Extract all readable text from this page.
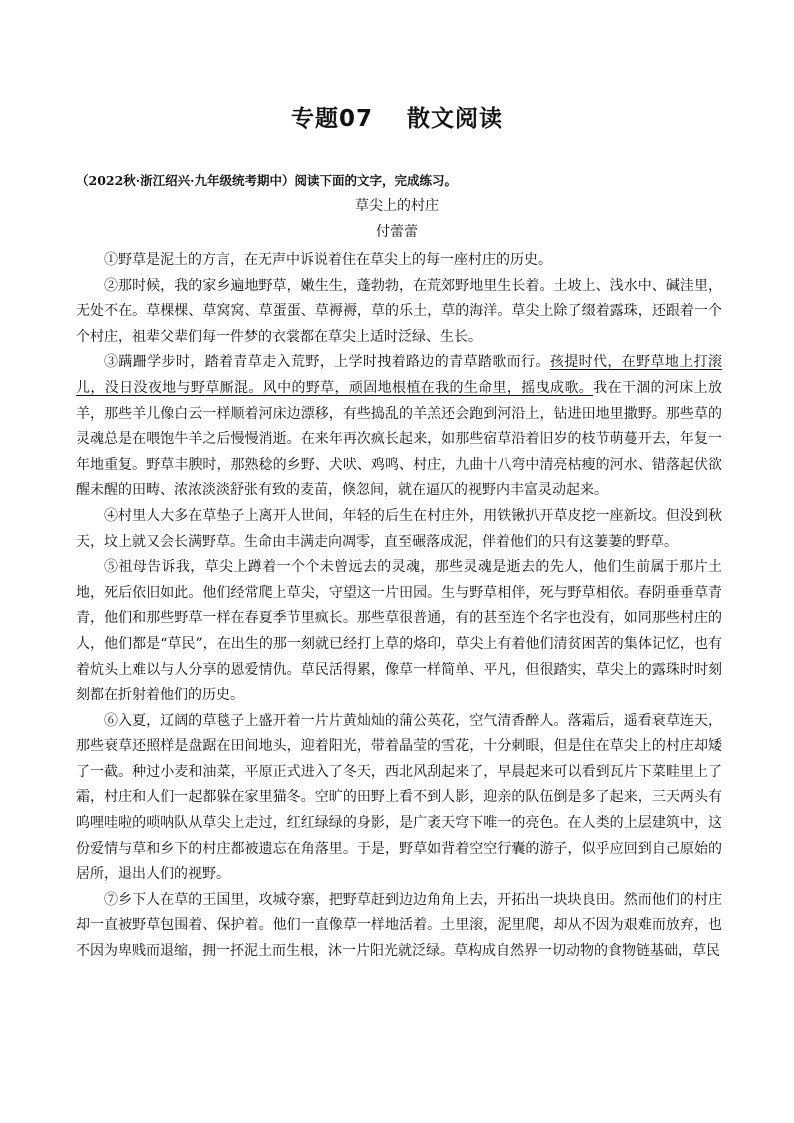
专题07 散文阅读
（2022秋·浙江绍兴·九年级统考期中）阅读下面的文字，完成练习。
草尖上的村庄
付蕾蕾

①野草是泥土的方言，在无声中诉说着住在草尖上的每一座村庄的历史。

②那时候，我的家乡遍地野草，嫩生生，蓬勃勃，在荒郊野地里生长着。土坡上、浅水中、碱洼里，无处不在。草棵棵、草窝窝、草蛋蛋、草褥褥，草的乐土，草的海洋。草尖上除了缀着露珠，还跟着一个个村庄，祖辈父辈们每一件梦的衣裳都在草尖上适时泛绿、生长。

③蹒跚学步时，踏着青草走入荒野，上学时拽着路边的青草踏歌而行。孩提时代，在野草地上打滚儿，没日没夜地与野草厮混。风中的野草，顽固地根植在我的生命里，摇曳成歌。我在干涸的河床上放羊，那些羊儿像白云一样顺着河床边漂移，有些捣乱的羊羔还会跑到河沿上，钻进田地里撒野。那些草的灵魂总是在喂饱牛羊之后慢慢消逝。在来年再次疯长起来，如那些宿草沿着旧岁的枝节萌蔓开去，年复一年地重复。野草丰腴时，那熟稔的乡野、犬吠、鸡鸣、村庄，九曲十八弯中清亮枯瘦的河水、错落起伏欲醒未醒的田畴、浓浓淡淡舒张有致的麦苗，倏忽间，就在逼仄的视野内丰富灵动起来。

④村里人大多在草垫子上离开人世间，年轻的后生在村庄外，用铁锹扒开草皮挖一座新坟。但没到秋天，坟上就又会长满野草。生命由丰满走向凋零，直至碾落成泥，伴着他们的只有这萋萋的野草。

⑤祖母告诉我，草尖上蹲着一个个未曾远去的灵魂，那些灵魂是逝去的先人，他们生前属于那片土地，死后依旧如此。他们经常爬上草尖，守望这一片田园。生与野草相伴，死与野草相依。春阴垂垂草青青，他们和那些野草一样在春夏季节里疯长。那些草很普通，有的甚至连个名字也没有，如同那些村庄的人，他们都是“草民”，在出生的那一刻就已经打上草的烙印，草尖上有着他们清贫困苦的集体记忆，也有着炕头上难以与人分享的恩爱情仇。草民活得累，像草一样简单、平凡，但很踏实，草尖上的露珠时时刻刻都在折射着他们的历史。

⑥入夏，辽阔的草毯子上盛开着一片片黄灿灿的蒲公英花，空气清香醉人。落霜后，遥看衰草连天，那些衰草还照样是盘踞在田间地头，迎着阳光，带着晶莹的雪花，十分刺眼，但是住在草尖上的村庄却矮了一截。种过小麦和油菜，平原正式进入了冬天，西北风刮起来了，早晨起来可以看到瓦片下菜畦里上了霜，村庄和人们一起都躲在家里猫冬。空旷的田野上看不到人影，迎亲的队伍倒是多了起来，三天两头有呜哩哇啦的唢呐队从草尖上走过，红红绿绿的身影，是广袤天穹下唯一的亮色。在人类的上层建筑中，这份爱情与草和乡下的村庄都被遗忘在角落里。于是，野草如背着空空行囊的游子，似乎应回到自己原始的居所，退出人们的视野。

⑦乡下人在草的王国里，攻城夺寨，把野草赶到边边角角上去，开拓出一块块良田。然而他们的村庄却一直被野草包围着、保护着。他们一直像草一样地活着。土里滚，泥里爬，却从不因为艰难而放弃，也不因为卑贱而退缩，拥一抔泥土而生根，沐一片阳光就泛绿。草构成自然界一切动物的食物链基础，草民
